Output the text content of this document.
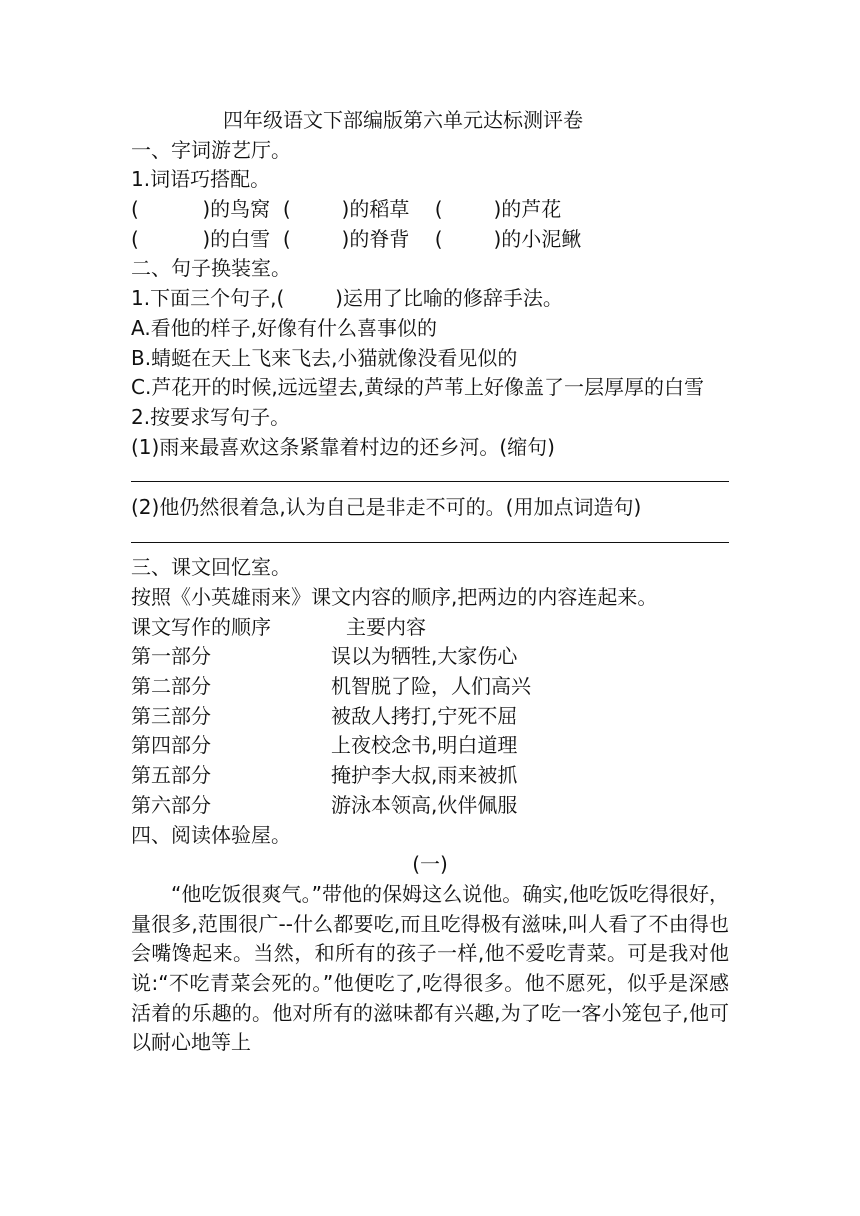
四年级语文下部编版第六单元达标测评卷
一、字词游艺厅。
1.词语巧搭配。
(          )的鸟窝  (        )的稻草    (        )的芦花
(          )的白雪  (        )的脊背    (        )的小泥鳅
二、句子换装室。
1.下面三个句子,(        )运用了比喻的修辞手法。
A.看他的样子,好像有什么喜事似的
B.蜻蜓在天上飞来飞去,小猫就像没看见似的
C.芦花开的时候,远远望去,黄绿的芦苇上好像盖了一层厚厚的白雪
2.按要求写句子。
(1)雨来最喜欢这条紧靠着村边的还乡河。(缩句)
(2)他仍然很着急,认为自己是非走不可的。(用加点词造句)
三、课文回忆室。
按照《小英雄雨来》课文内容的顺序,把两边的内容连起来。
课文写作的顺序	主要内容
第一部分	误以为牺牲,大家伤心
第二部分	机智脱了险，人们高兴
第三部分	被敌人拷打,宁死不屈
第四部分	上夜校念书,明白道理
第五部分	掩护李大叔,雨来被抓
第六部分	游泳本领高,伙伴佩服
四、阅读体验屋。
(一)
“他吃饭很爽气。”带他的保姆这么说他。确实,他吃饭吃得很好，量很多,范围很广--什么都要吃,而且吃得极有滋味,叫人看了不由得也会嘴馋起来。当然，和所有的孩子一样,他不爱吃青菜。可是我对他说:“不吃青菜会死的。”他便吃了,吃得很多。他不愿死，似乎是深感活着的乐趣的。他对所有的滋味都有兴趣,为了吃一客小笼包子,他可以耐心地等上
